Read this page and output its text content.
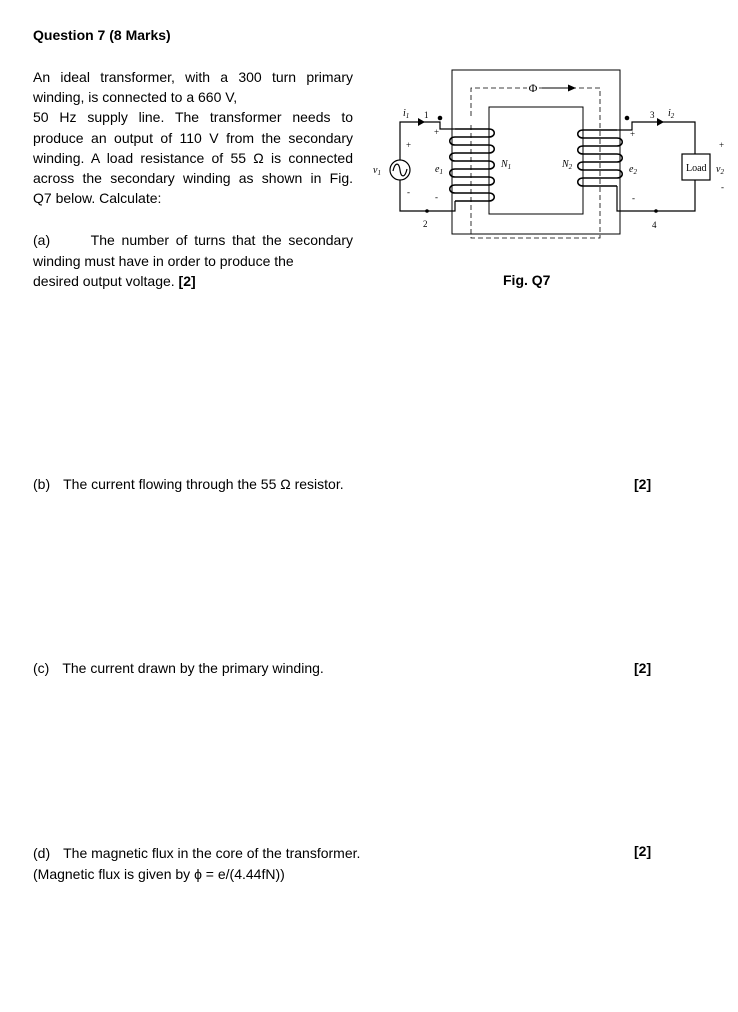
Question 7 (8 Marks)
An ideal transformer, with a 300 turn primary
winding, is connected to a 660 V,
50 Hz supply line. The transformer needs to
produce an output of 110 V from the secondary
winding. A load resistance of 55 Ω is connected
across the secondary winding as shown in Fig.
Q7 below. Calculate:
(a)	The number of turns that the secondary
winding must have in order to produce the
desired output voltage. [2]
(b) The current flowing through the 55 Ω resistor.	[2]
(c) The current drawn by the primary winding.	[2]
(d) The magnetic flux in the core of the transformer.
(Magnetic flux is given by ϕ = e/(4.44fN))
[2]
Φ
$i_1$	$i_2$
$v_1$	$v_2$
$e_1$	$e_2$
$N_1$	$N_2$
1
2
3
4
Load
+
-
+
-
+
-
+
-
Fig. Q7
